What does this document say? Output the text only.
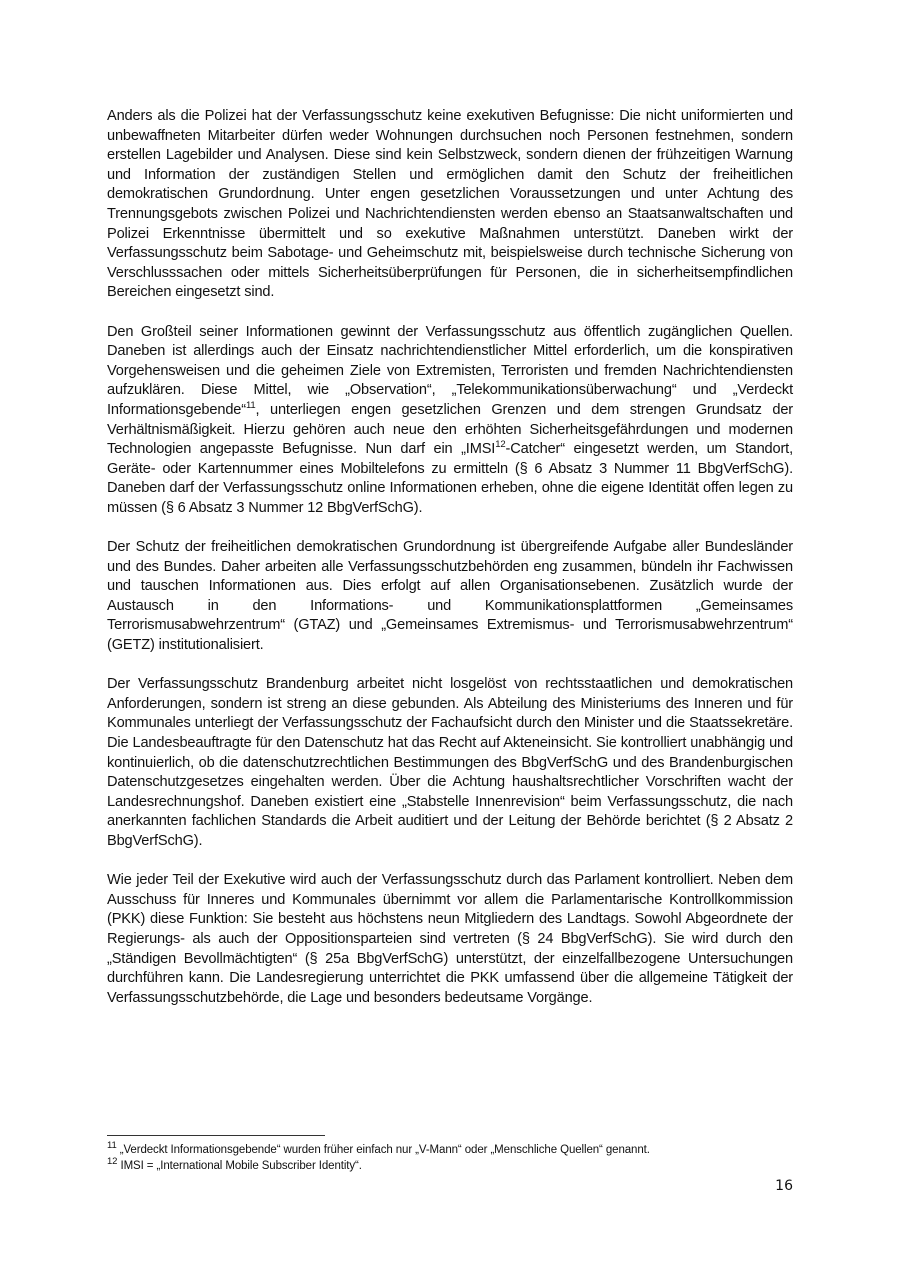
Anders als die Polizei hat der Verfassungsschutz keine exekutiven Befugnisse: Die nicht uniformierten und unbewaffneten Mitarbeiter dürfen weder Wohnungen durchsuchen noch Personen festnehmen, sondern erstellen Lagebilder und Analysen. Diese sind kein Selbstzweck, sondern dienen der frühzeitigen Warnung und Information der zuständigen Stellen und ermöglichen damit den Schutz der freiheitlichen demokratischen Grundordnung. Unter engen gesetzlichen Voraussetzungen und unter Achtung des Trennungsgebots zwischen Polizei und Nachrichtendiensten werden ebenso an Staatsanwaltschaften und Polizei Erkenntnisse übermittelt und so exekutive Maßnahmen unterstützt. Daneben wirkt der Verfassungsschutz beim Sabotage- und Geheimschutz mit, beispielsweise durch technische Sicherung von Verschlusssachen oder mittels Sicherheitsüberprüfungen für Personen, die in sicherheitsempfindlichen Bereichen eingesetzt sind.

Den Großteil seiner Informationen gewinnt der Verfassungsschutz aus öffentlich zugänglichen Quellen. Daneben ist allerdings auch der Einsatz nachrichtendienstlicher Mittel erforderlich, um die konspirativen Vorgehensweisen und die geheimen Ziele von Extremisten, Terroristen und fremden Nachrichtendiensten aufzuklären. Diese Mittel, wie „Observation“, „Telekommunikationsüberwachung“ und „Verdeckt Informationsgebende“$^{11}$, unterliegen engen gesetzlichen Grenzen und dem strengen Grundsatz der Verhältnismäßigkeit. Hierzu gehören auch neue den erhöhten Sicherheitsgefährdungen und modernen Technologien angepasste Befugnisse. Nun darf ein „IMSI$^{12}$-Catcher“ eingesetzt werden, um Standort, Geräte- oder Kartennummer eines Mobiltelefons zu ermitteln (§ 6 Absatz 3 Nummer 11 BbgVerfSchG). Daneben darf der Verfassungsschutz online Informationen erheben, ohne die eigene Identität offen legen zu müssen (§ 6 Absatz 3 Nummer 12 BbgVerfSchG).

Der Schutz der freiheitlichen demokratischen Grundordnung ist übergreifende Aufgabe aller Bundesländer und des Bundes. Daher arbeiten alle Verfassungsschutzbehörden eng zusammen, bündeln ihr Fachwissen und tauschen Informationen aus. Dies erfolgt auf allen Organisationsebenen. Zusätzlich wurde der Austausch in den Informations- und Kommunikationsplattformen „Gemeinsames Terrorismusabwehrzentrum“ (GTAZ) und „Gemeinsames Extremismus- und Terrorismusabwehrzentrum“ (GETZ) institutionalisiert.

Der Verfassungsschutz Brandenburg arbeitet nicht losgelöst von rechtsstaatlichen und demokratischen Anforderungen, sondern ist streng an diese gebunden. Als Abteilung des Ministeriums des Inneren und für Kommunales unterliegt der Verfassungsschutz der Fachaufsicht durch den Minister und die Staatssekretäre. Die Landesbeauftragte für den Datenschutz hat das Recht auf Akteneinsicht. Sie kontrolliert unabhängig und kontinuierlich, ob die datenschutzrechtlichen Bestimmungen des BbgVerfSchG und des Brandenburgischen Datenschutzgesetzes eingehalten werden. Über die Achtung haushaltsrechtlicher Vorschriften wacht der Landesrechnungshof. Daneben existiert eine „Stabstelle Innenrevision“ beim Verfassungsschutz, die nach anerkannten fachlichen Standards die Arbeit auditiert und der Leitung der Behörde berichtet (§ 2 Absatz 2 BbgVerfSchG).

Wie jeder Teil der Exekutive wird auch der Verfassungsschutz durch das Parlament kontrolliert. Neben dem Ausschuss für Inneres und Kommunales übernimmt vor allem die Parlamentarische Kontrollkommission (PKK) diese Funktion: Sie besteht aus höchstens neun Mitgliedern des Landtags. Sowohl Abgeordnete der Regierungs- als auch der Oppositionsparteien sind vertreten (§ 24 BbgVerfSchG). Sie wird durch den „Ständigen Bevollmächtigten“ (§ 25a BbgVerfSchG) unterstützt, der einzelfallbezogene Untersuchungen durchführen kann. Die Landesregierung unterrichtet die PKK umfassend über die allgemeine Tätigkeit der Verfassungsschutzbehörde, die Lage und besonders bedeutsame Vorgänge.

$^{11}$ „Verdeckt Informationsgebende“ wurden früher einfach nur „V-Mann“ oder „Menschliche Quellen“ genannt.
$^{12}$ IMSI = „International Mobile Subscriber Identity“.
16
